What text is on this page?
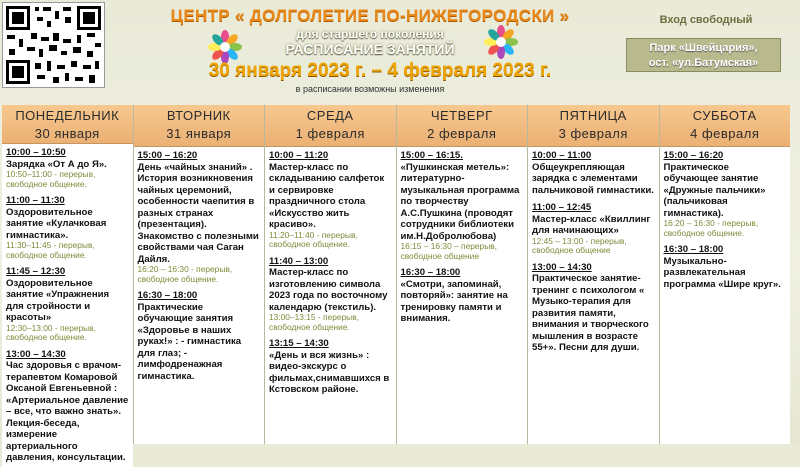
ЦЕНТР « ДОЛГОЛЕТИЕ ПО-НИЖЕГОРОДСКИ »
для старшего поколения
РАСПИСАНИЕ ЗАНЯТИЙ
30 января 2023 г. – 4 февраля 2023 г.
в расписании возможны изменения
Вход свободный
Парк «Швейцария»,
ост. «ул.Батумская»
ПОНЕДЕЛЬНИК
30 января
10:00 – 10:50
Зарядка «От А до Я».
10:50–11:00 - перерыв, свободное общение.
11:00 – 11:30
Оздоровительное занятие «Кулачковая гимнастика».
11:30–11:45 - перерыв, свободное общение.
11:45 – 12:30
Оздоровительное занятие «Упражнения для стройности и красоты»
12:30–13:00 - перерыв, свободное общение.
13:00 – 14:30
Час здоровья с врачом-терапевтом Комаровой Оксаной Евгеньевной : «Артериальное давление – все, что важно знать». Лекция-беседа, измерение артериального давления, консультации.
ВТОРНИК
31 января
15:00 – 16:20
День «чайных знаний» . История возникновения чайных церемоний, особенности чаепития в разных странах (презентация). Знакомство с полезными свойствами чая Саган Дайля.
16:20 – 16:30 - перерыв, свободное общение.
16:30 – 18:00
Практические обучающие занятия «Здоровье в наших руках!» : - гимнастика для глаз; - лимфодренажная гимнастика.
СРЕДА
1 февраля
10:00 – 11:20
Мастер-класс по складыванию салфеток и сервировке праздничного стола «Искусство жить красиво».
11:20–11:40 - перерыв, свободное общение.
11:40 – 13:00
Мастер-класс по изготовлению символа 2023 года по восточному календарю (текстиль).
13:00–13:15 - перерыв, свободное общение.
13:15 – 14:30
«День и вся жизнь» : видео-экскурс о фильмах,снимавшихся в Кстовском районе.
ЧЕТВЕРГ
2 февраля
15:00 – 16:15.
«Пушкинская метель»: литературно-музыкальная программа по творчеству А.С.Пушкина (проводят сотрудники библиотеки им.Н.Добролюбова)
16:15 – 16:30 – перерыв, свободное общение
16:30 – 18:00
«Смотри, запоминай, повторяй»: занятие на тренировку памяти и внимания.
ПЯТНИЦА
3 февраля
10:00 – 11:00
Общеукрепляющая зарядка с элементами пальчиковой гимнастики.
11:00 – 12:45
Мастер-класс «Квиллинг для начинающих»
12:45 – 13:00 - перерыв, свободное общение
13:00 – 14:30
Практическое занятие-тренинг с психологом « Музыко-терапия для развития памяти, внимания и творческого мышления в возрасте 55+». Песни для души.
СУББОТА
4 февраля
15:00 – 16:20
Практическое обучающее занятие «Дружные пальчики» (пальчиковая гимнастика).
16:20 – 16:30 - перерыв, свободное общение.
16:30 – 18:00
Музыкально-развлекательная программа «Шире круг».
